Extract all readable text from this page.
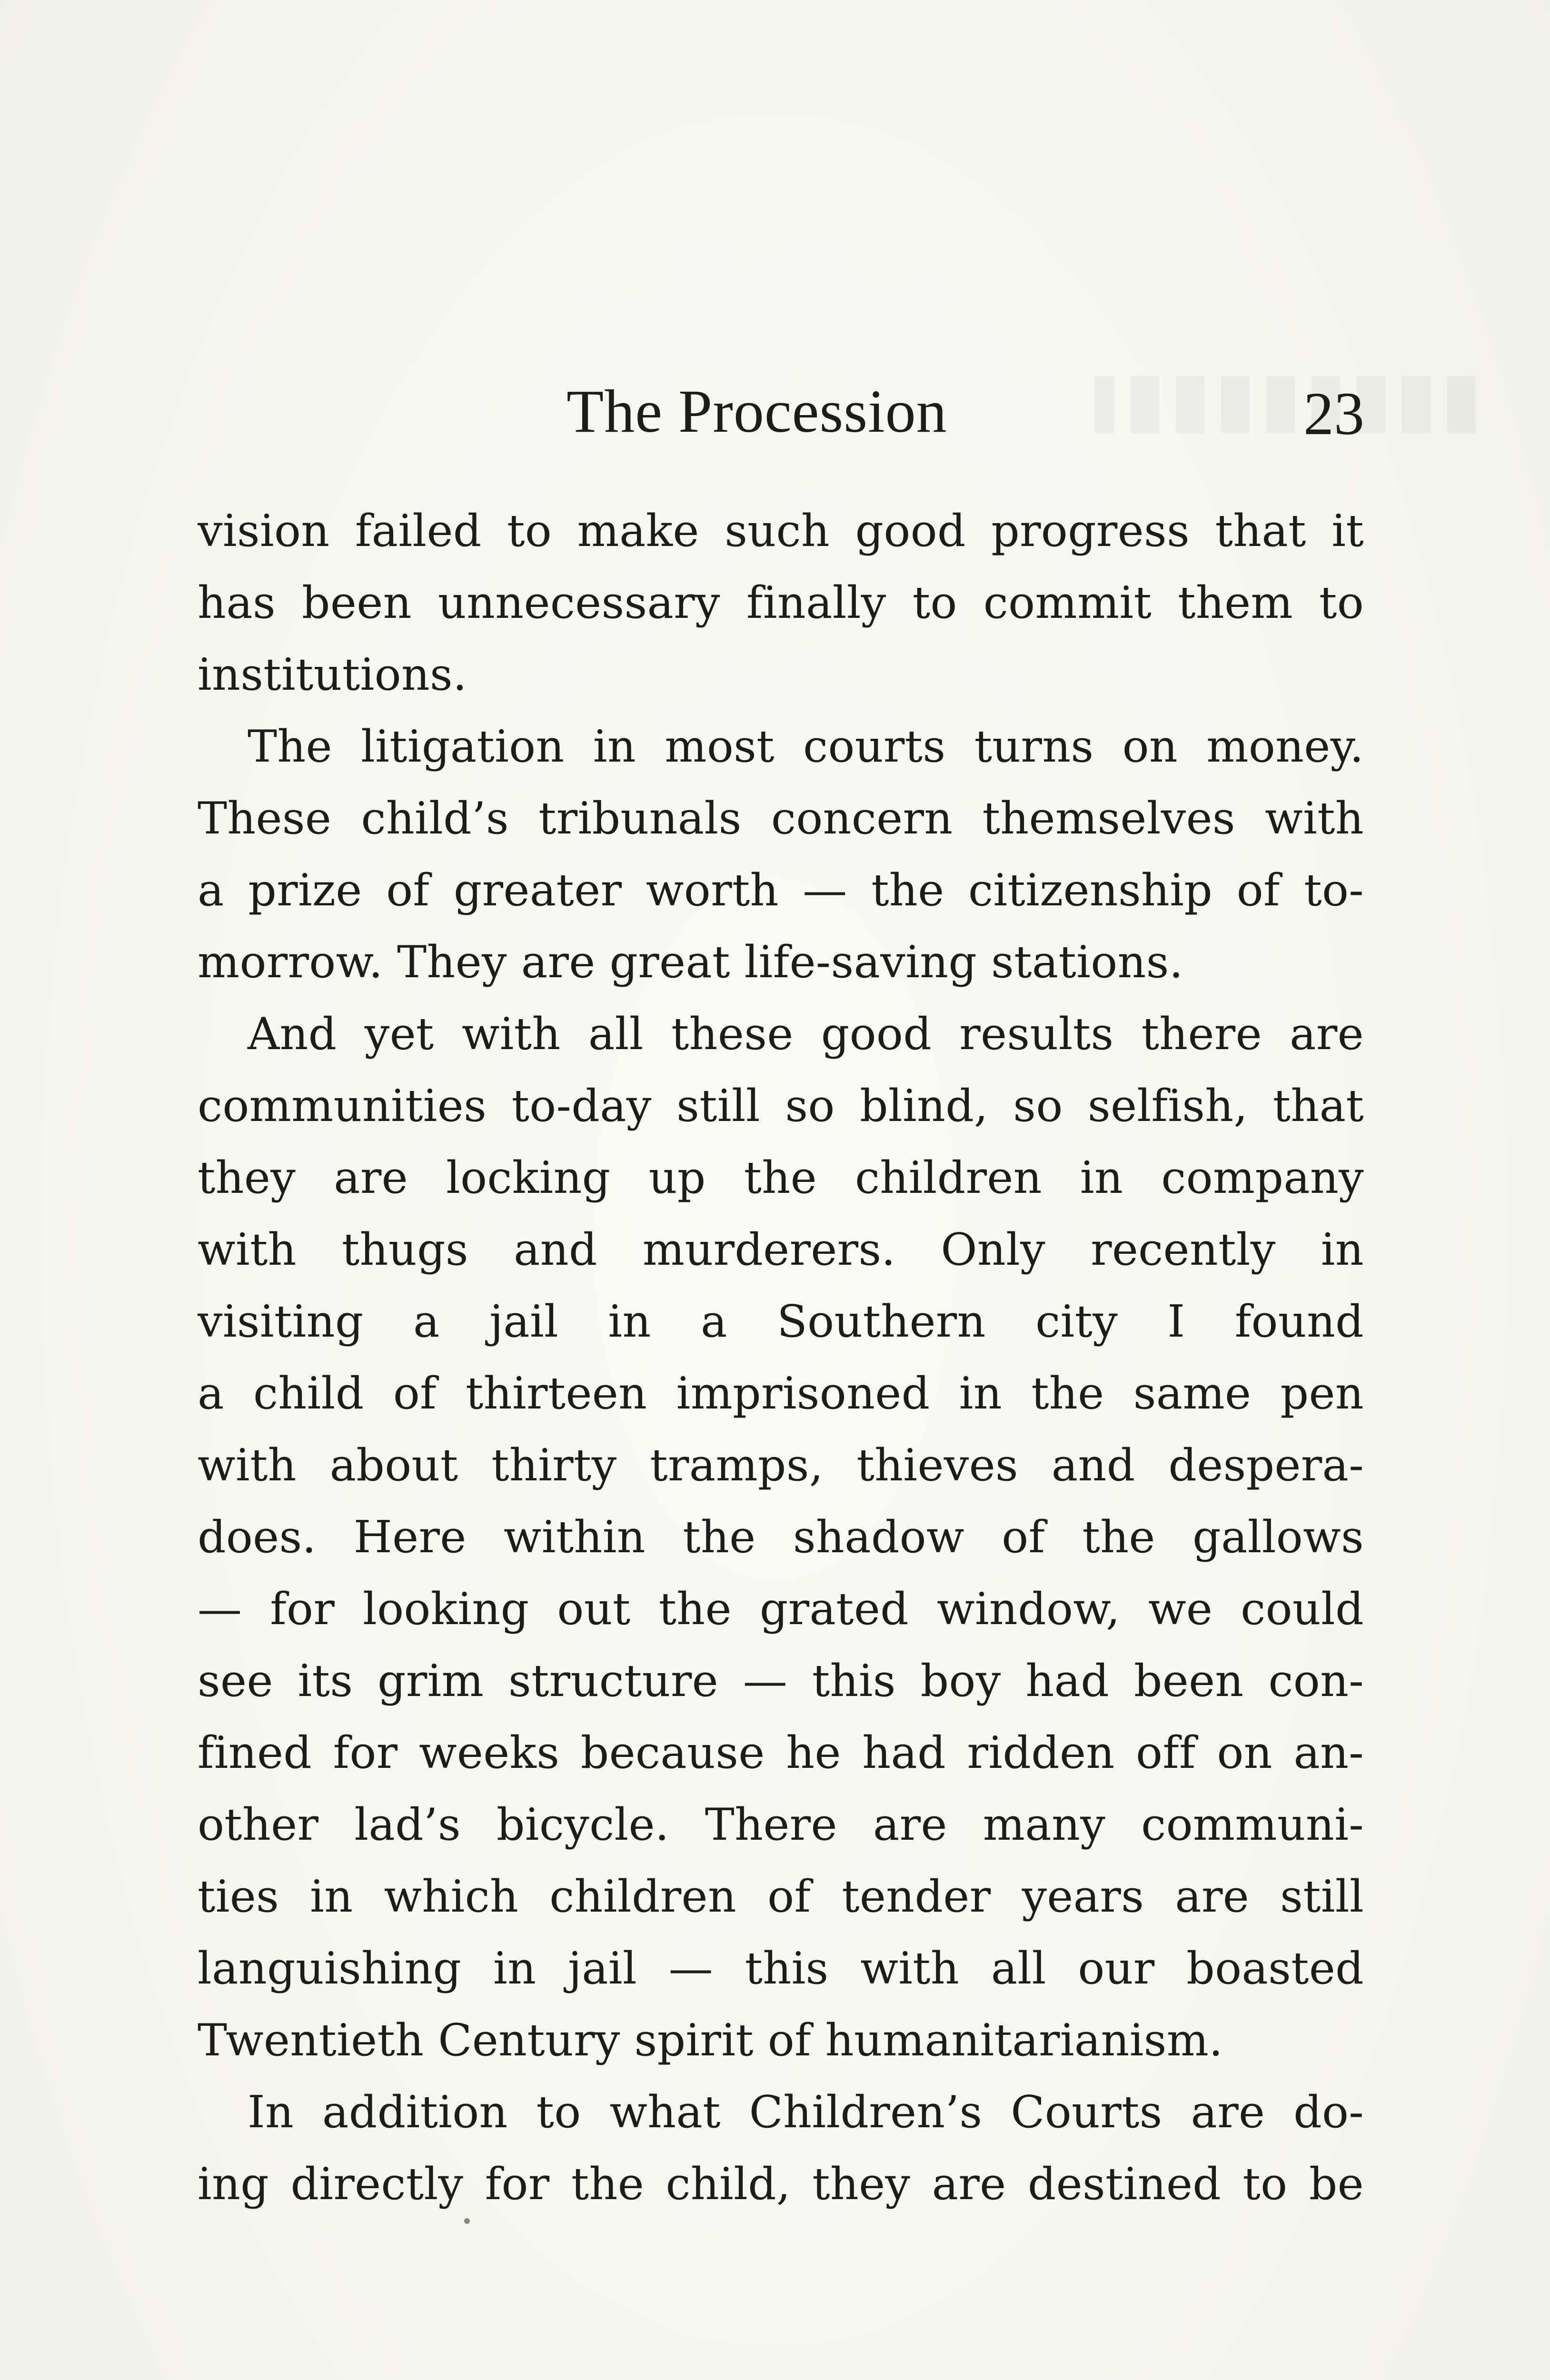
The Procession	23
vision failed to make such good progress that it
has been unnecessary finally to commit them to
institutions.
The litigation in most courts turns on money.
These child’s tribunals concern themselves with
a prize of greater worth — the citizenship of to-
morrow. They are great life-saving stations.
And yet with all these good results there are
communities to-day still so blind, so selfish, that
they are locking up the children in company
with thugs and murderers. Only recently in
visiting a jail in a Southern city I found
a child of thirteen imprisoned in the same pen
with about thirty tramps, thieves and despera-
does. Here within the shadow of the gallows
— for looking out the grated window, we could
see its grim structure — this boy had been con-
fined for weeks because he had ridden off on an-
other lad’s bicycle. There are many communi-
ties in which children of tender years are still
languishing in jail — this with all our boasted
Twentieth Century spirit of humanitarianism.
In addition to what Children’s Courts are do-
ing directly for the child, they are destined to be
